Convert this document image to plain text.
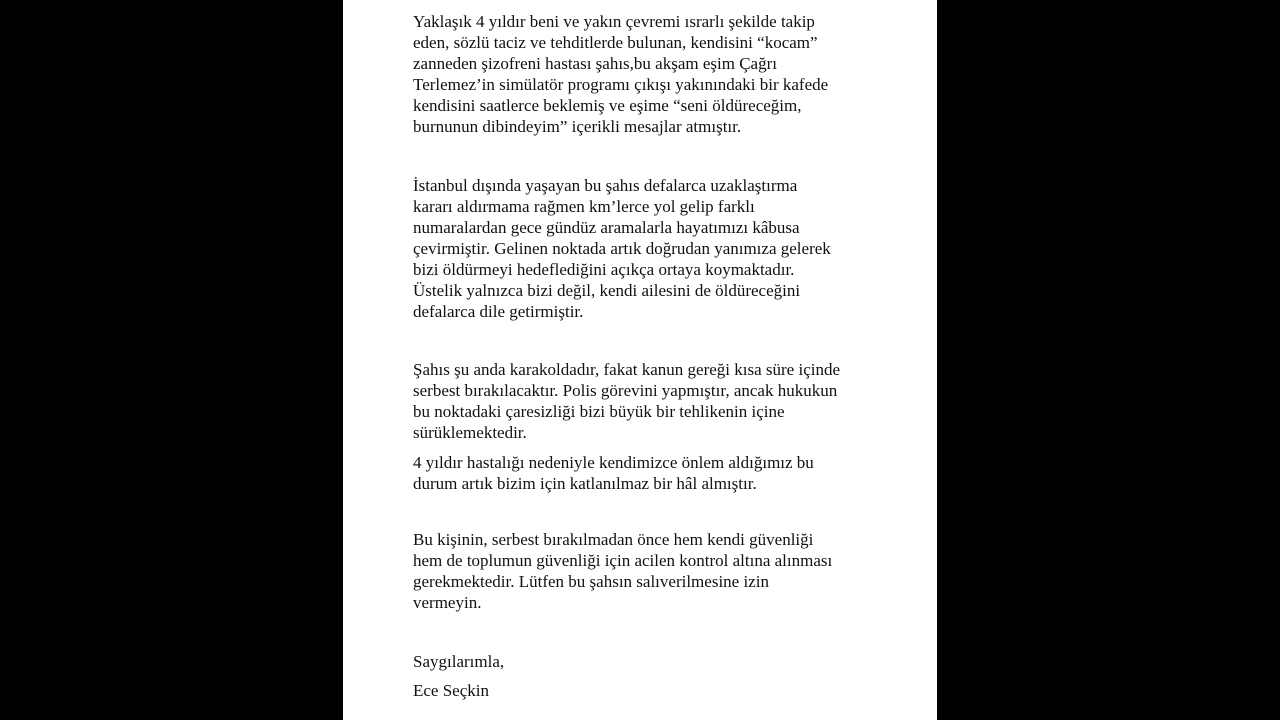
Yaklaşık 4 yıldır beni ve yakın çevremi ısrarlı şekilde takip
eden, sözlü taciz ve tehditlerde bulunan, kendisini “kocam”
zanneden şizofreni hastası şahıs,bu akşam eşim Çağrı
Terlemez’in simülatör programı çıkışı yakınındaki bir kafede
kendisini saatlerce beklemiş ve eşime “seni öldüreceğim,
burnunun dibindeyim” içerikli mesajlar atmıştır.

İstanbul dışında yaşayan bu şahıs defalarca uzaklaştırma
kararı aldırmama rağmen km’lerce yol gelip farklı
numaralardan gece gündüz aramalarla hayatımızı kâbusa
çevirmiştir. Gelinen noktada artık doğrudan yanımıza gelerek
bizi öldürmeyi hedeflediğini açıkça ortaya koymaktadır.
Üstelik yalnızca bizi değil, kendi ailesini de öldüreceğini
defalarca dile getirmiştir.

Şahıs şu anda karakoldadır, fakat kanun gereği kısa süre içinde
serbest bırakılacaktır. Polis görevini yapmıştır, ancak hukukun
bu noktadaki çaresizliği bizi büyük bir tehlikenin içine
sürüklemektedir.

4 yıldır hastalığı nedeniyle kendimizce önlem aldığımız bu
durum artık bizim için katlanılmaz bir hâl almıştır.

Bu kişinin, serbest bırakılmadan önce hem kendi güvenliği
hem de toplumun güvenliği için acilen kontrol altına alınması
gerekmektedir. Lütfen bu şahsın salıverilmesine izin
vermeyin.

Saygılarımla,

Ece Seçkin
